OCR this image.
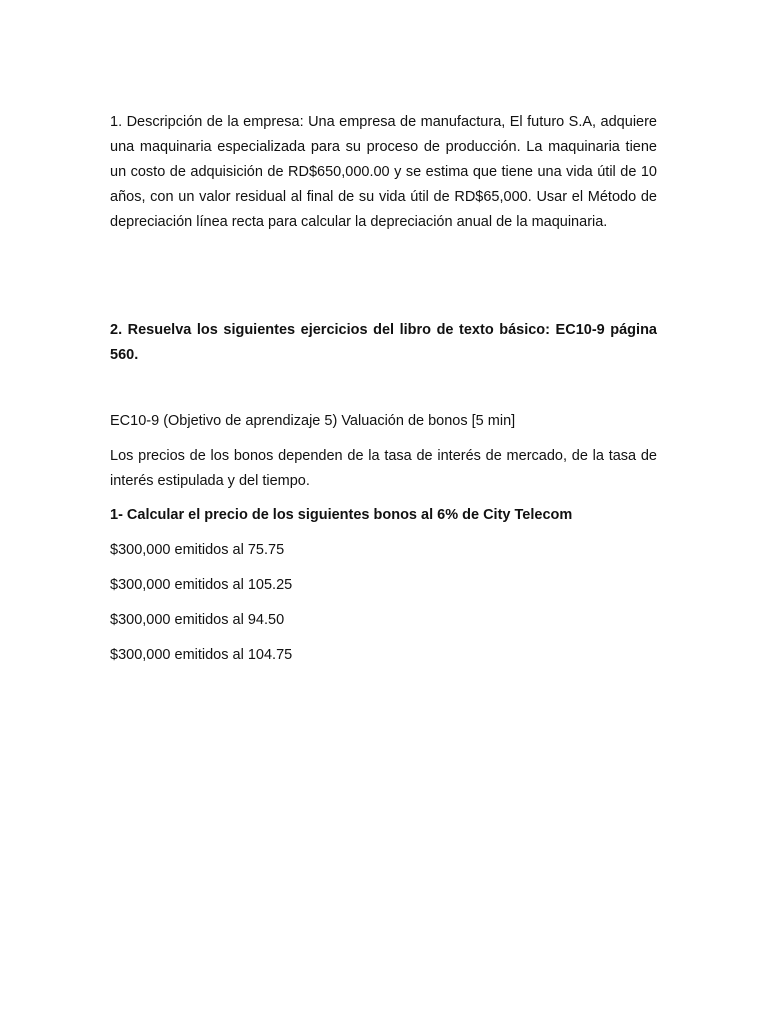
1. Descripción de la empresa: Una empresa de manufactura, El futuro S.A, adquiere una maquinaria especializada para su proceso de producción. La maquinaria tiene un costo de adquisición de RD$650,000.00 y se estima que tiene una vida útil de 10 años, con un valor residual al final de su vida útil de RD$65,000. Usar el Método de depreciación línea recta para calcular la depreciación anual de la maquinaria.

2. Resuelva los siguientes ejercicios del libro de texto básico: EC10-9 página 560.

EC10-9 (Objetivo de aprendizaje 5) Valuación de bonos [5 min]

Los precios de los bonos dependen de la tasa de interés de mercado, de la tasa de interés estipulada y del tiempo.

1- Calcular el precio de los siguientes bonos al 6% de City Telecom

$300,000 emitidos al 75.75

$300,000 emitidos al 105.25

$300,000 emitidos al 94.50

$300,000 emitidos al 104.75
